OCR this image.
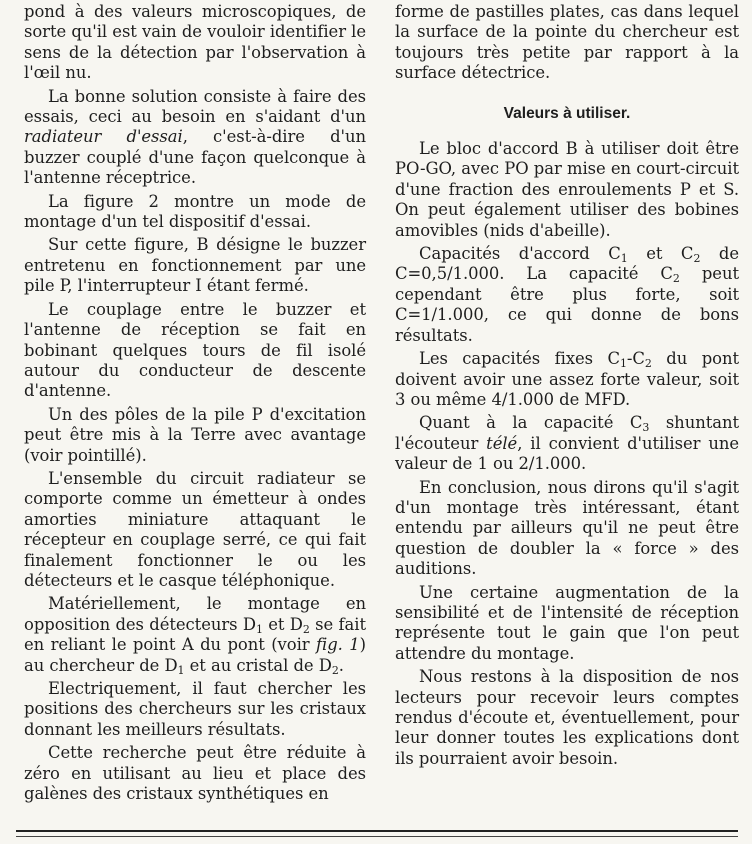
pond à des valeurs microscopiques, de sorte qu'il est vain de vouloir identifier le sens de la détection par l'observation à l'œil nu.

La bonne solution consiste à faire des essais, ceci au besoin en s'aidant d'un radiateur d'essai, c'est-à-dire d'un buzzer couplé d'une façon quelconque à l'antenne réceptrice.

La figure 2 montre un mode de montage d'un tel dispositif d'essai.

Sur cette figure, B désigne le buzzer entretenu en fonctionnement par une pile P, l'interrupteur I étant fermé.

Le couplage entre le buzzer et l'antenne de réception se fait en bobinant quelques tours de fil isolé autour du conducteur de descente d'antenne.

Un des pôles de la pile P d'excitation peut être mis à la Terre avec avantage (voir pointillé).

L'ensemble du circuit radiateur se comporte comme un émetteur à ondes amorties miniature attaquant le récepteur en couplage serré, ce qui fait finalement fonctionner le ou les détecteurs et le casque téléphonique.

Matériellement, le montage en opposition des détecteurs $D_1$ et $D_2$ se fait en reliant le point A du pont (voir fig. 1) au chercheur de $D_1$ et au cristal de $D_2$.

Electriquement, il faut chercher les positions des chercheurs sur les cristaux donnant les meilleurs résultats.

Cette recherche peut être réduite à zéro en utilisant au lieu et place des galènes des cristaux synthétiques en

forme de pastilles plates, cas dans lequel la surface de la pointe du chercheur est toujours très petite par rapport à la surface détectrice.

Valeurs à utiliser.

Le bloc d'accord B à utiliser doit être PO-GO, avec PO par mise en court-circuit d'une fraction des enroulements P et S. On peut également utiliser des bobines amovibles (nids d'abeille).

Capacités d'accord $C_1$ et $C_2$ de C=0,5/1.000. La capacité $C_2$ peut cependant être plus forte, soit C=1/1.000, ce qui donne de bons résultats.

Les capacités fixes $C_1-C_2$ du pont doivent avoir une assez forte valeur, soit 3 ou même 4/1.000 de MFD.

Quant à la capacité $C_3$ shuntant l'écouteur télé, il convient d'utiliser une valeur de 1 ou 2/1.000.

En conclusion, nous dirons qu'il s'agit d'un montage très intéressant, étant entendu par ailleurs qu'il ne peut être question de doubler la « force » des auditions.

Une certaine augmentation de la sensibilité et de l'intensité de réception représente tout le gain que l'on peut attendre du montage.

Nous restons à la disposition de nos lecteurs pour recevoir leurs comptes rendus d'écoute et, éventuellement, pour leur donner toutes les explications dont ils pourraient avoir besoin.
